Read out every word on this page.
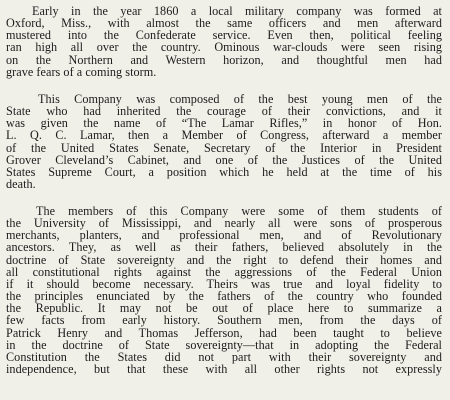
Early in the year 1860 a local military company was formed at
Oxford, Miss., with almost the same officers and men afterward
mustered into the Confederate service. Even then, political feeling
ran high all over the country. Ominous war-clouds were seen rising
on the Northern and Western horizon, and thoughtful men had
grave fears of a coming storm.

This Company was composed of the best young men of the
State who had inherited the courage of their convictions, and it
was given the name of “The Lamar Rifles,” in honor of Hon.
L. Q. C. Lamar, then a Member of Congress, afterward a member
of the United States Senate, Secretary of the Interior in President
Grover Cleveland’s Cabinet, and one of the Justices of the United
States Supreme Court, a position which he held at the time of his
death.

The members of this Company were some of them students of
the University of Mississippi, and nearly all were sons of prosperous
merchants, planters, and professional men, and of Revolutionary
ancestors. They, as well as their fathers, believed absolutely in the
doctrine of State sovereignty and the right to defend their homes and
all constitutional rights against the aggressions of the Federal Union
if it should become necessary. Theirs was true and loyal fidelity to
the principles enunciated by the fathers of the country who founded
the Republic. It may not be out of place here to summarize a
few facts from early history. Southern men, from the days of
Patrick Henry and Thomas Jefferson, had been taught to believe
in the doctrine of State sovereignty—that in adopting the Federal
Constitution the States did not part with their sovereignty and
independence, but that these with all other rights not expressly
